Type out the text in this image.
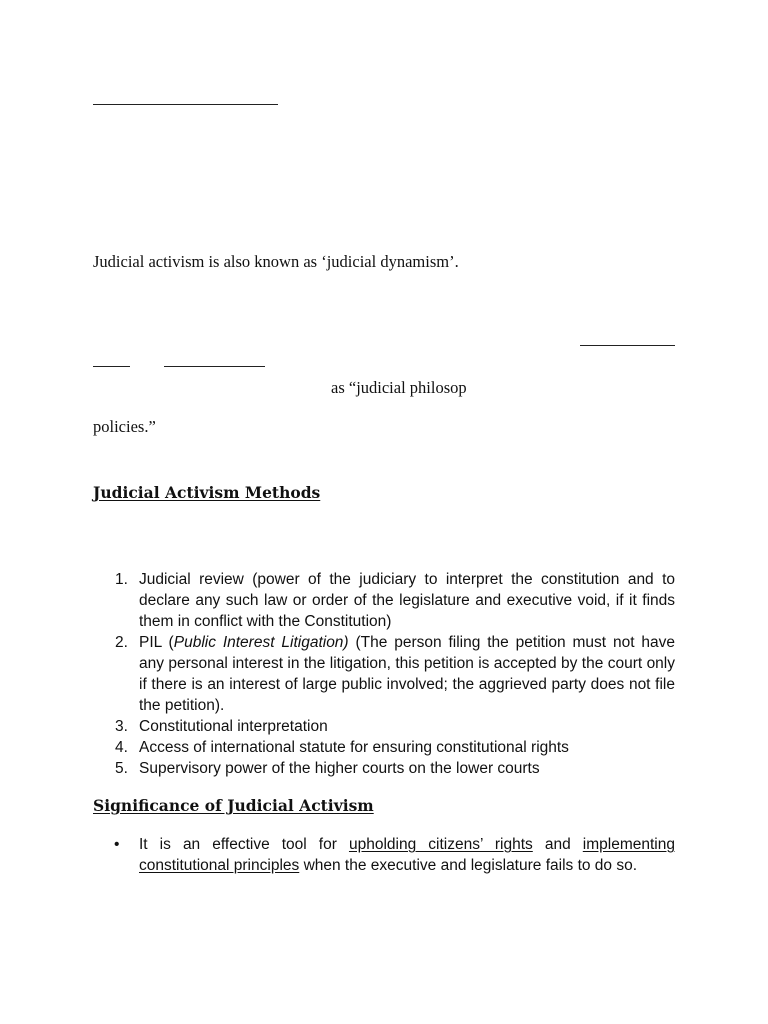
Judicial activism is also known as ‘judicial dynamism’.
as “judicial philosop
policies.”
Judicial Activism Methods
1. Judicial review (power of the judiciary to interpret the constitution and to declare any such law or order of the legislature and executive void, if it finds them in conflict with the Constitution)
2. PIL (Public Interest Litigation) (The person filing the petition must not have any personal interest in the litigation, this petition is accepted by the court only if there is an interest of large public involved; the aggrieved party does not file the petition).
3. Constitutional interpretation
4. Access of international statute for ensuring constitutional rights
5. Supervisory power of the higher courts on the lower courts
Significance of Judicial Activism
• It is an effective tool for upholding citizens’ rights and implementing constitutional principles when the executive and legislature fails to do so.
